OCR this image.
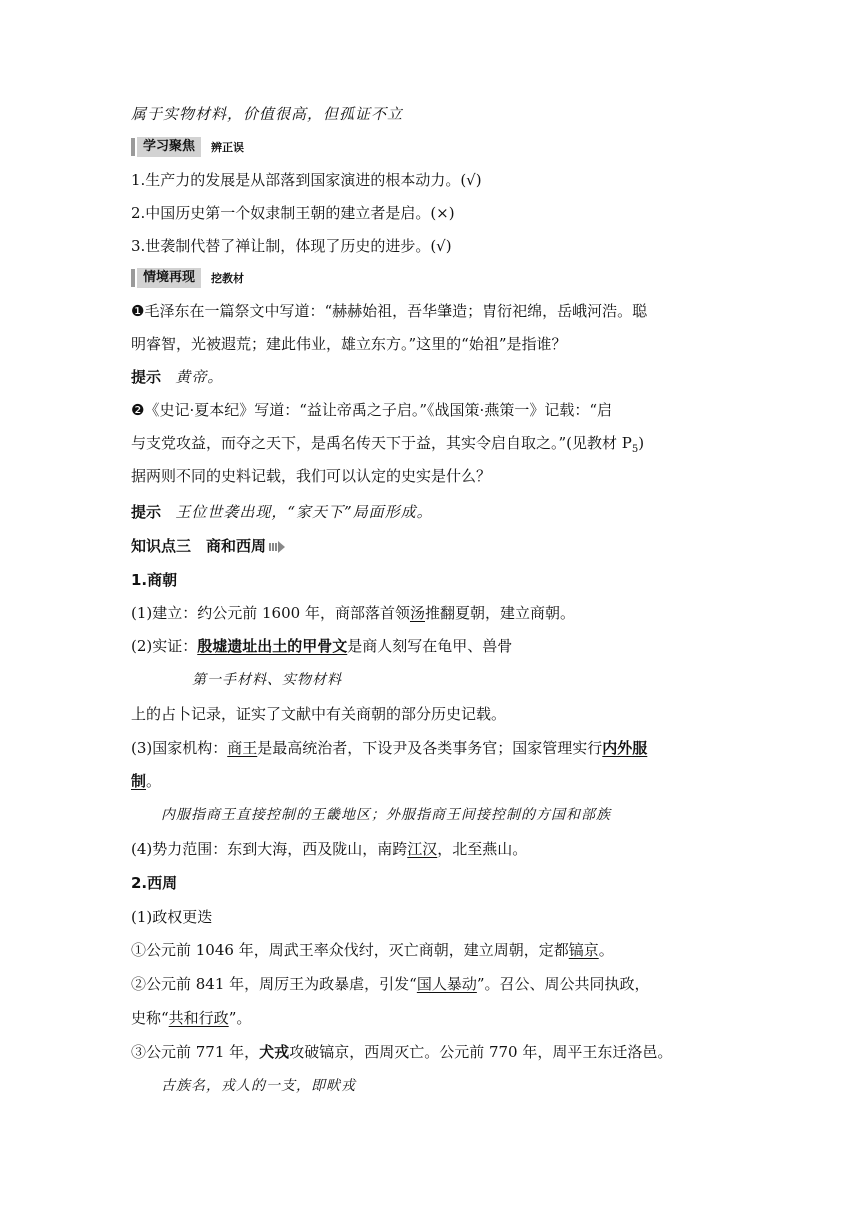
属于实物材料，价值很高，但孤证不立
学习聚焦	辨正误
1.生产力的发展是从部落到国家演进的根本动力。(√)
2.中国历史第一个奴隶制王朝的建立者是启。(×)
3.世袭制代替了禅让制，体现了历史的进步。(√)
情境再现	挖教材
❶毛泽东在一篇祭文中写道：“赫赫始祖，吾华肇造；胄衍祀绵，岳峨河浩。聪
明睿智，光被遐荒；建此伟业，雄立东方。”这里的“始祖”是指谁？
提示 黄帝。
❷《史记·夏本纪》写道：“益让帝禹之子启。”《战国策·燕策一》记载：“启
与支党攻益，而夺之天下，是禹名传天下于益，其实令启自取之。”(见教材 $P_5$)
据两则不同的史料记载，我们可以认定的史实是什么？
提示 王位世袭出现，“家天下”局面形成。
知识点三　商和西周
1.商朝
(1)建立：约公元前 1600 年，商部落首领汤推翻夏朝，建立商朝。
(2)实证：殷墟遗址出土的甲骨文是商人刻写在龟甲、兽骨
第一手材料、实物材料
上的占卜记录，证实了文献中有关商朝的部分历史记载。
(3)国家机构：商王是最高统治者，下设尹及各类事务官；国家管理实行内外服
制。
内服指商王直接控制的王畿地区；外服指商王间接控制的方国和部族
(4)势力范围：东到大海，西及陇山，南跨江汉，北至燕山。
2.西周
(1)政权更迭
①公元前 1046 年，周武王率众伐纣，灭亡商朝，建立周朝，定都镐京。
②公元前 841 年，周厉王为政暴虐，引发“国人暴动”。召公、周公共同执政，
史称“共和行政”。
③公元前 771 年，犬戎攻破镐京，西周灭亡。公元前 770 年，周平王东迁洛邑。
古族名，戎人的一支，即畎戎
